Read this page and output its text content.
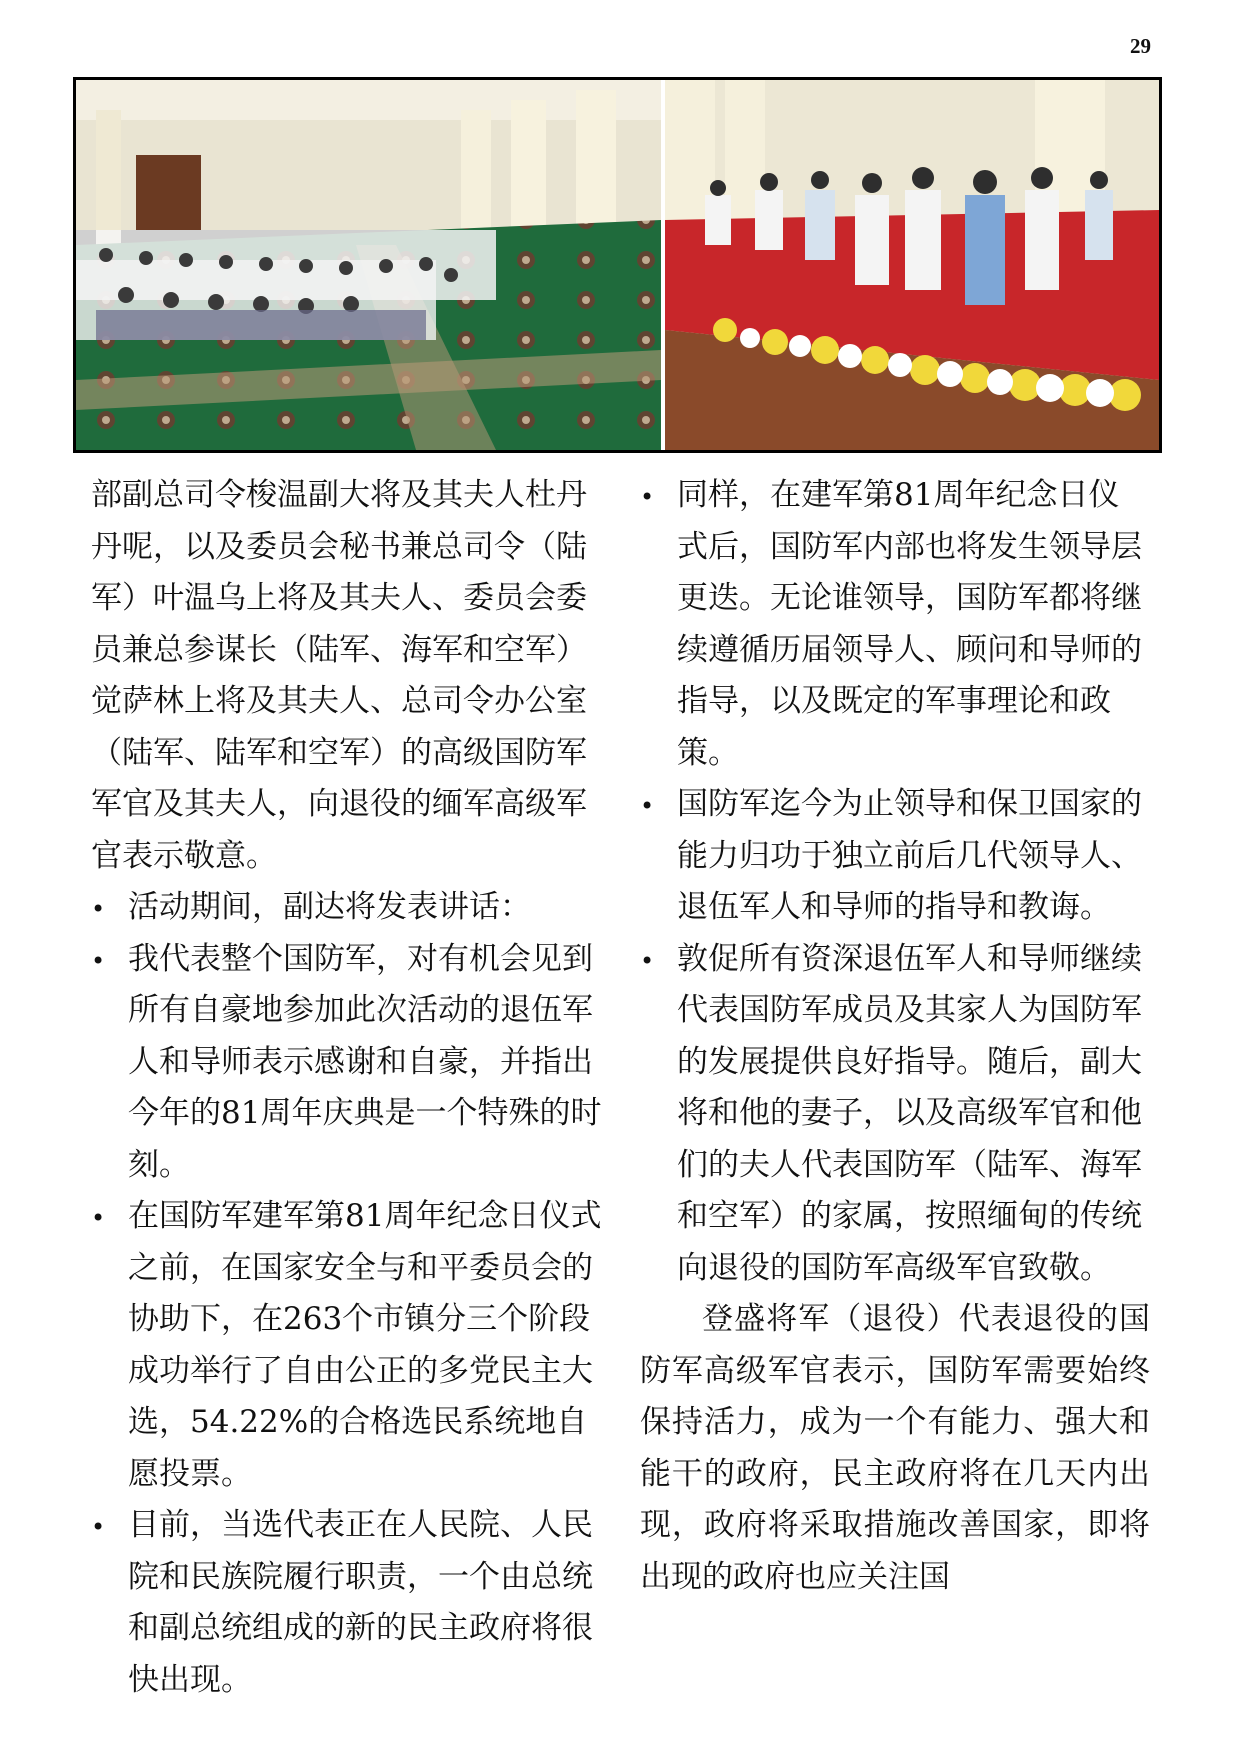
29

部副总司令梭温副大将及其夫人杜丹丹呢，以及委员会秘书兼总司令（陆军）叶温乌上将及其夫人、委员会委员兼总参谋长（陆军、海军和空军）觉萨林上将及其夫人、总司令办公室（陆军、陆军和空军）的高级国防军军官及其夫人，向退役的缅军高级军官表示敬意。

• 活动期间，副达将发表讲话：
• 我代表整个国防军，对有机会见到所有自豪地参加此次活动的退伍军人和导师表示感谢和自豪，并指出今年的81周年庆典是一个特殊的时刻。
• 在国防军建军第81周年纪念日仪式之前，在国家安全与和平委员会的协助下，在263个市镇分三个阶段成功举行了自由公正的多党民主大选，54.22%的合格选民系统地自愿投票。
• 目前，当选代表正在人民院、人民院和民族院履行职责，一个由总统和副总统组成的新的民主政府将很快出现。
• 同样，在建军第81周年纪念日仪式后，国防军内部也将发生领导层更迭。无论谁领导，国防军都将继续遵循历届领导人、顾问和导师的指导，以及既定的军事理论和政策。
• 国防军迄今为止领导和保卫国家的能力归功于独立前后几代领导人、退伍军人和导师的指导和教诲。
• 敦促所有资深退伍军人和导师继续代表国防军成员及其家人为国防军的发展提供良好指导。随后，副大将和他的妻子，以及高级军官和他们的夫人代表国防军（陆军、海军和空军）的家属，按照缅甸的传统向退役的国防军高级军官致敬。

登盛将军（退役）代表退役的国防军高级军官表示，国防军需要始终保持活力，成为一个有能力、强大和能干的政府，民主政府将在几天内出现，政府将采取措施改善国家，即将出现的政府也应关注国
